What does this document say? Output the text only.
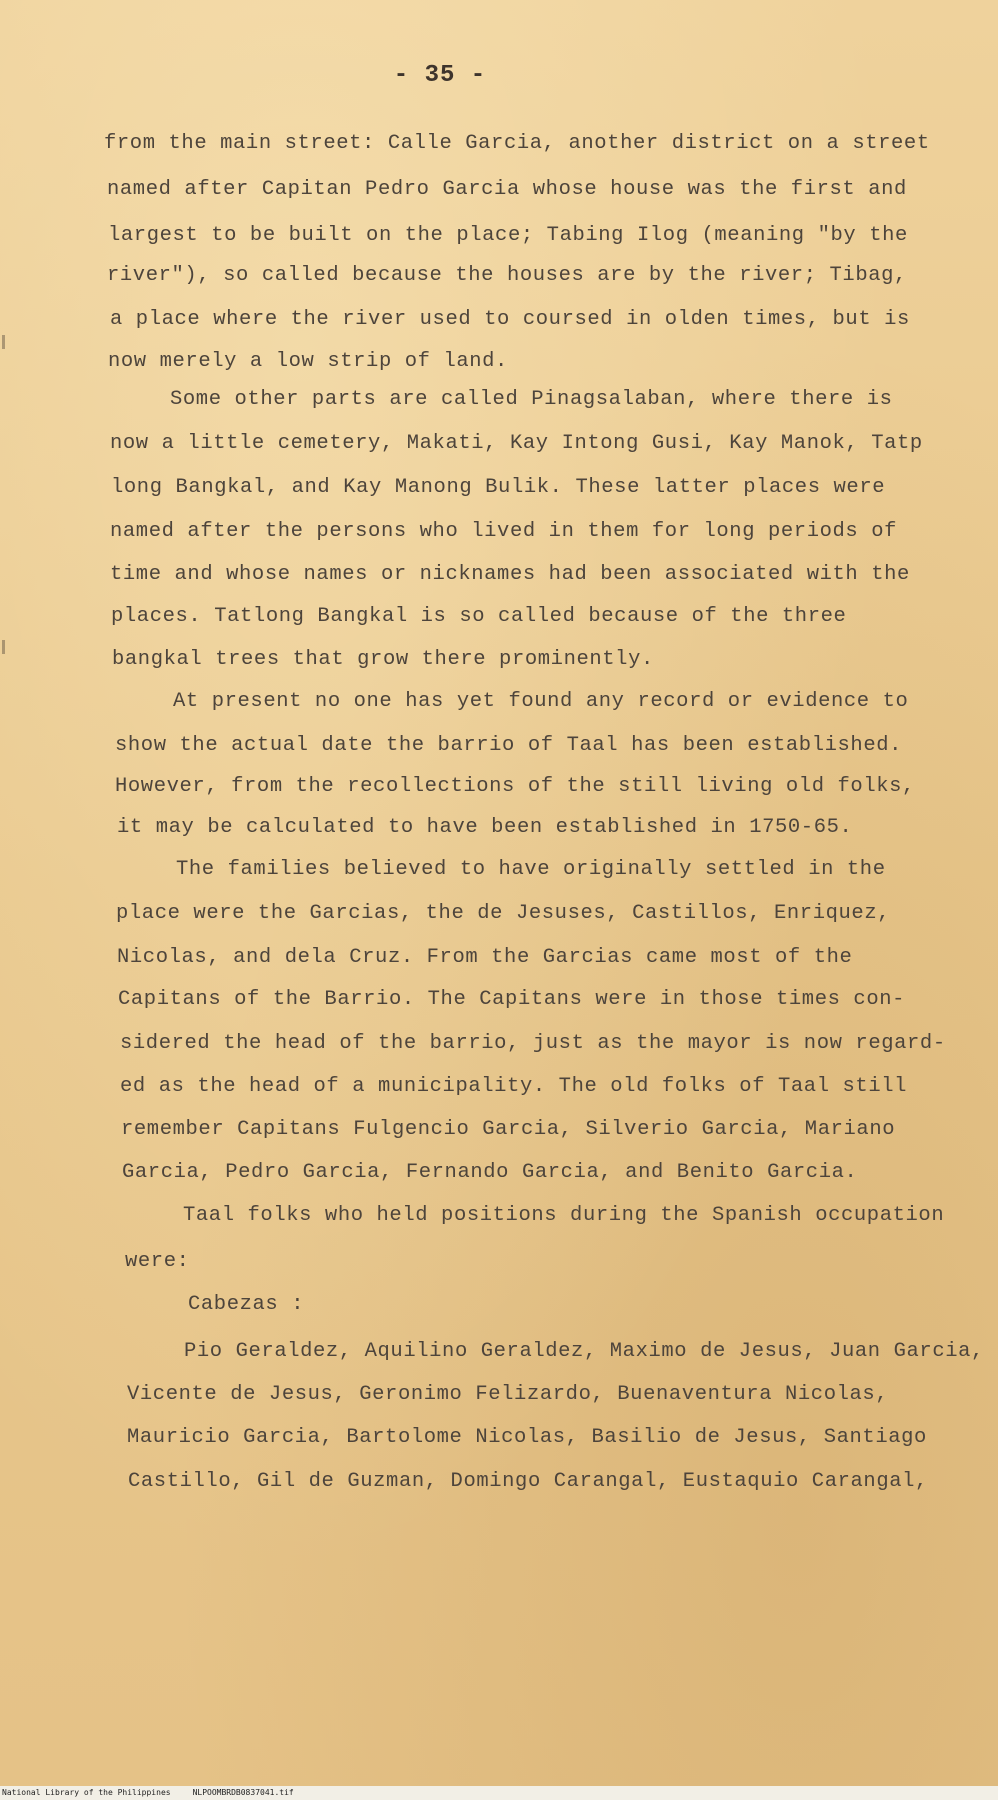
- 35 -
from the main street: Calle Garcia, another district on a street
named after Capitan Pedro Garcia whose house was the first and
largest to be built on the place; Tabing Ilog (meaning "by the
river"), so called because the houses are by the river; Tibag,
a place where the river used to coursed in olden times, but is
now merely a low strip of land.
Some other parts are called Pinagsalaban, where there is
now a little cemetery, Makati, Kay Intong Gusi, Kay Manok, Tatp
long Bangkal, and Kay Manong Bulik. These latter places were
named after the persons who lived in them for long periods of
time and whose names or nicknames had been associated with the
places. Tatlong Bangkal is so called because of the three
bangkal trees that grow there prominently.
At present no one has yet found any record or evidence to
show the actual date the barrio of Taal has been established.
However, from the recollections of the still living old folks,
it may be calculated to have been established in 1750-65.
The families believed to have originally settled in the
place were the Garcias, the de Jesuses, Castillos, Enriquez,
Nicolas, and dela Cruz. From the Garcias came most of the
Capitans of the Barrio. The Capitans were in those times con-
sidered the head of the barrio, just as the mayor is now regard-
ed as the head of a municipality. The old folks of Taal still
remember Capitans Fulgencio Garcia, Silverio Garcia, Mariano
Garcia, Pedro Garcia, Fernando Garcia, and Benito Garcia.
Taal folks who held positions during the Spanish occupation
were:
Cabezas :
Pio Geraldez, Aquilino Geraldez, Maximo de Jesus, Juan Garcia,
Vicente de Jesus, Geronimo Felizardo, Buenaventura Nicolas,
Mauricio Garcia, Bartolome Nicolas, Basilio de Jesus, Santiago
Castillo, Gil de Guzman, Domingo Carangal, Eustaquio Carangal,
National Library of the Philippines	NLPOOMBRDB0837041.tif
